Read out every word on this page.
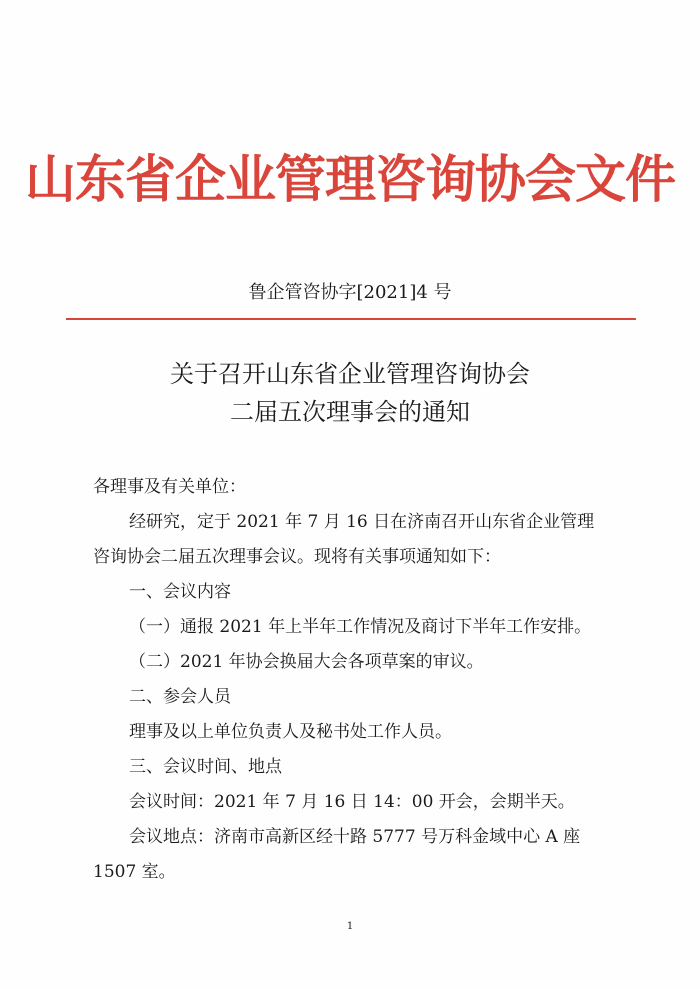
山东省企业管理咨询协会文件
鲁企管咨协字[2021]4 号
关于召开山东省企业管理咨询协会
二届五次理事会的通知
各理事及有关单位：
经研究，定于 2021 年 7 月 16 日在济南召开山东省企业管理
咨询协会二届五次理事会议。现将有关事项通知如下：
一、会议内容
（一）通报 2021 年上半年工作情况及商讨下半年工作安排。
（二）2021 年协会换届大会各项草案的审议。
二、参会人员
理事及以上单位负责人及秘书处工作人员。
三、会议时间、地点
会议时间：2021 年 7 月 16 日 14：00 开会，会期半天。
会议地点：济南市高新区经十路 5777 号万科金域中心 A 座
1507 室。
1
